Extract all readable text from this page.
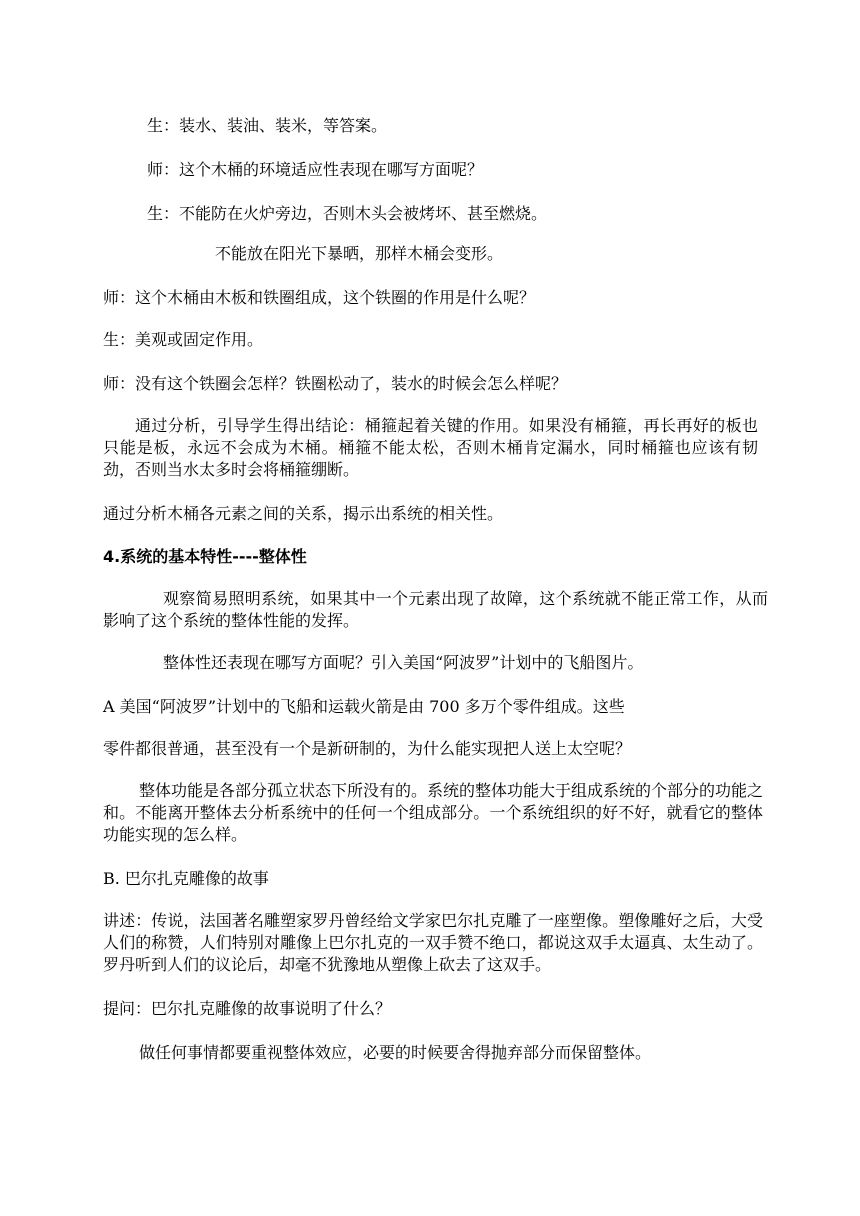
生：装水、装油、装米，等答案。

师：这个木桶的环境适应性表现在哪写方面呢？

生：不能防在火炉旁边，否则木头会被烤坏、甚至燃烧。

不能放在阳光下暴晒，那样木桶会变形。

师：这个木桶由木板和铁圈组成，这个铁圈的作用是什么呢？

生：美观或固定作用。

师：没有这个铁圈会怎样？铁圈松动了，装水的时候会怎么样呢？

通过分析，引导学生得出结论：桶箍起着关键的作用。如果没有桶箍，再长再好的板也只能是板，永远不会成为木桶。桶箍不能太松，否则木桶肯定漏水，同时桶箍也应该有韧劲，否则当水太多时会将桶箍绷断。

通过分析木桶各元素之间的关系，揭示出系统的相关性。

4.系统的基本特性----整体性

观察简易照明系统，如果其中一个元素出现了故障，这个系统就不能正常工作，从而影响了这个系统的整体性能的发挥。

整体性还表现在哪写方面呢？引入美国“阿波罗”计划中的飞船图片。

A 美国“阿波罗”计划中的飞船和运载火箭是由 700 多万个零件组成。这些

零件都很普通，甚至没有一个是新研制的，为什么能实现把人送上太空呢？

整体功能是各部分孤立状态下所没有的。系统的整体功能大于组成系统的个部分的功能之和。不能离开整体去分析系统中的任何一个组成部分。一个系统组织的好不好，就看它的整体功能实现的怎么样。

B. 巴尔扎克雕像的故事

讲述：传说，法国著名雕塑家罗丹曾经给文学家巴尔扎克雕了一座塑像。塑像雕好之后，大受人们的称赞，人们特别对雕像上巴尔扎克的一双手赞不绝口，都说这双手太逼真、太生动了。罗丹听到人们的议论后，却毫不犹豫地从塑像上砍去了这双手。

提问：巴尔扎克雕像的故事说明了什么？

做任何事情都要重视整体效应，必要的时候要舍得抛弃部分而保留整体。
